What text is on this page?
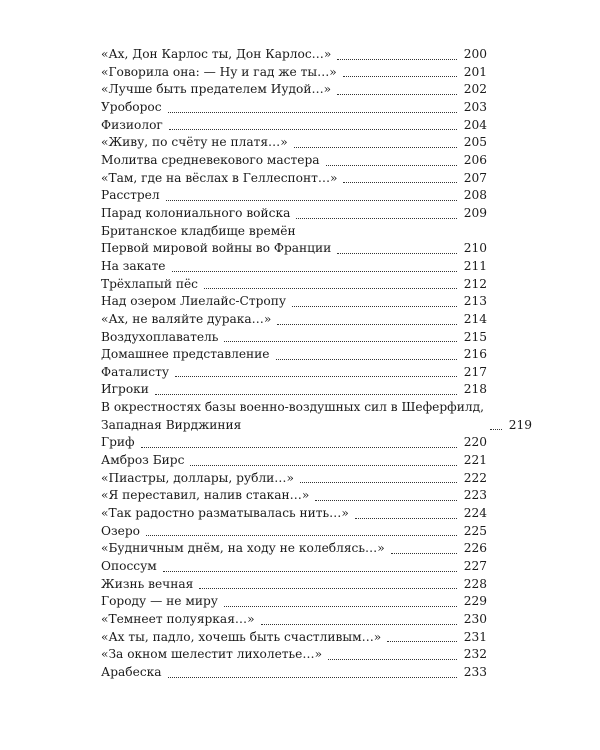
«Ах, Дон Карлос ты, Дон Карлос…»	200
«Говорила она: — Ну и гад же ты…»	201
«Лучше быть предателем Иудой…»	202
Уроборос	203
Физиолог	204
«Живу, по счёту не платя…»	205
Молитва средневекового мастера	206
«Там, где на вёслах в Геллеспонт…»	207
Расстрел	208
Парад колониального войска	209
Британское кладбище времён
Первой мировой войны во Франции	210
На закате	211
Трёхлапый пёс	212
Над озером Лиелайс-Стропу	213
«Ах, не валяйте дурака…»	214
Воздухоплаватель	215
Домашнее представление	216
Фаталисту	217
Игроки	218
В окрестностях базы военно-воздушных сил в Шеферфилд,
Западная Вирджиния	219
Гриф	220
Амброз Бирс	221
«Пиастры, доллары, рубли…»	222
«Я переставил, налив стакан…»	223
«Так радостно разматывалась нить…»	224
Озеро	225
«Будничным днём, на ходу не колеблясь…»	226
Опоссум	227
Жизнь вечная	228
Городу — не миру	229
«Темнеет полуяркая…»	230
«Ах ты, падло, хочешь быть счастливым…»	231
«За окном шелестит лихолетье…»	232
Арабеска	233
